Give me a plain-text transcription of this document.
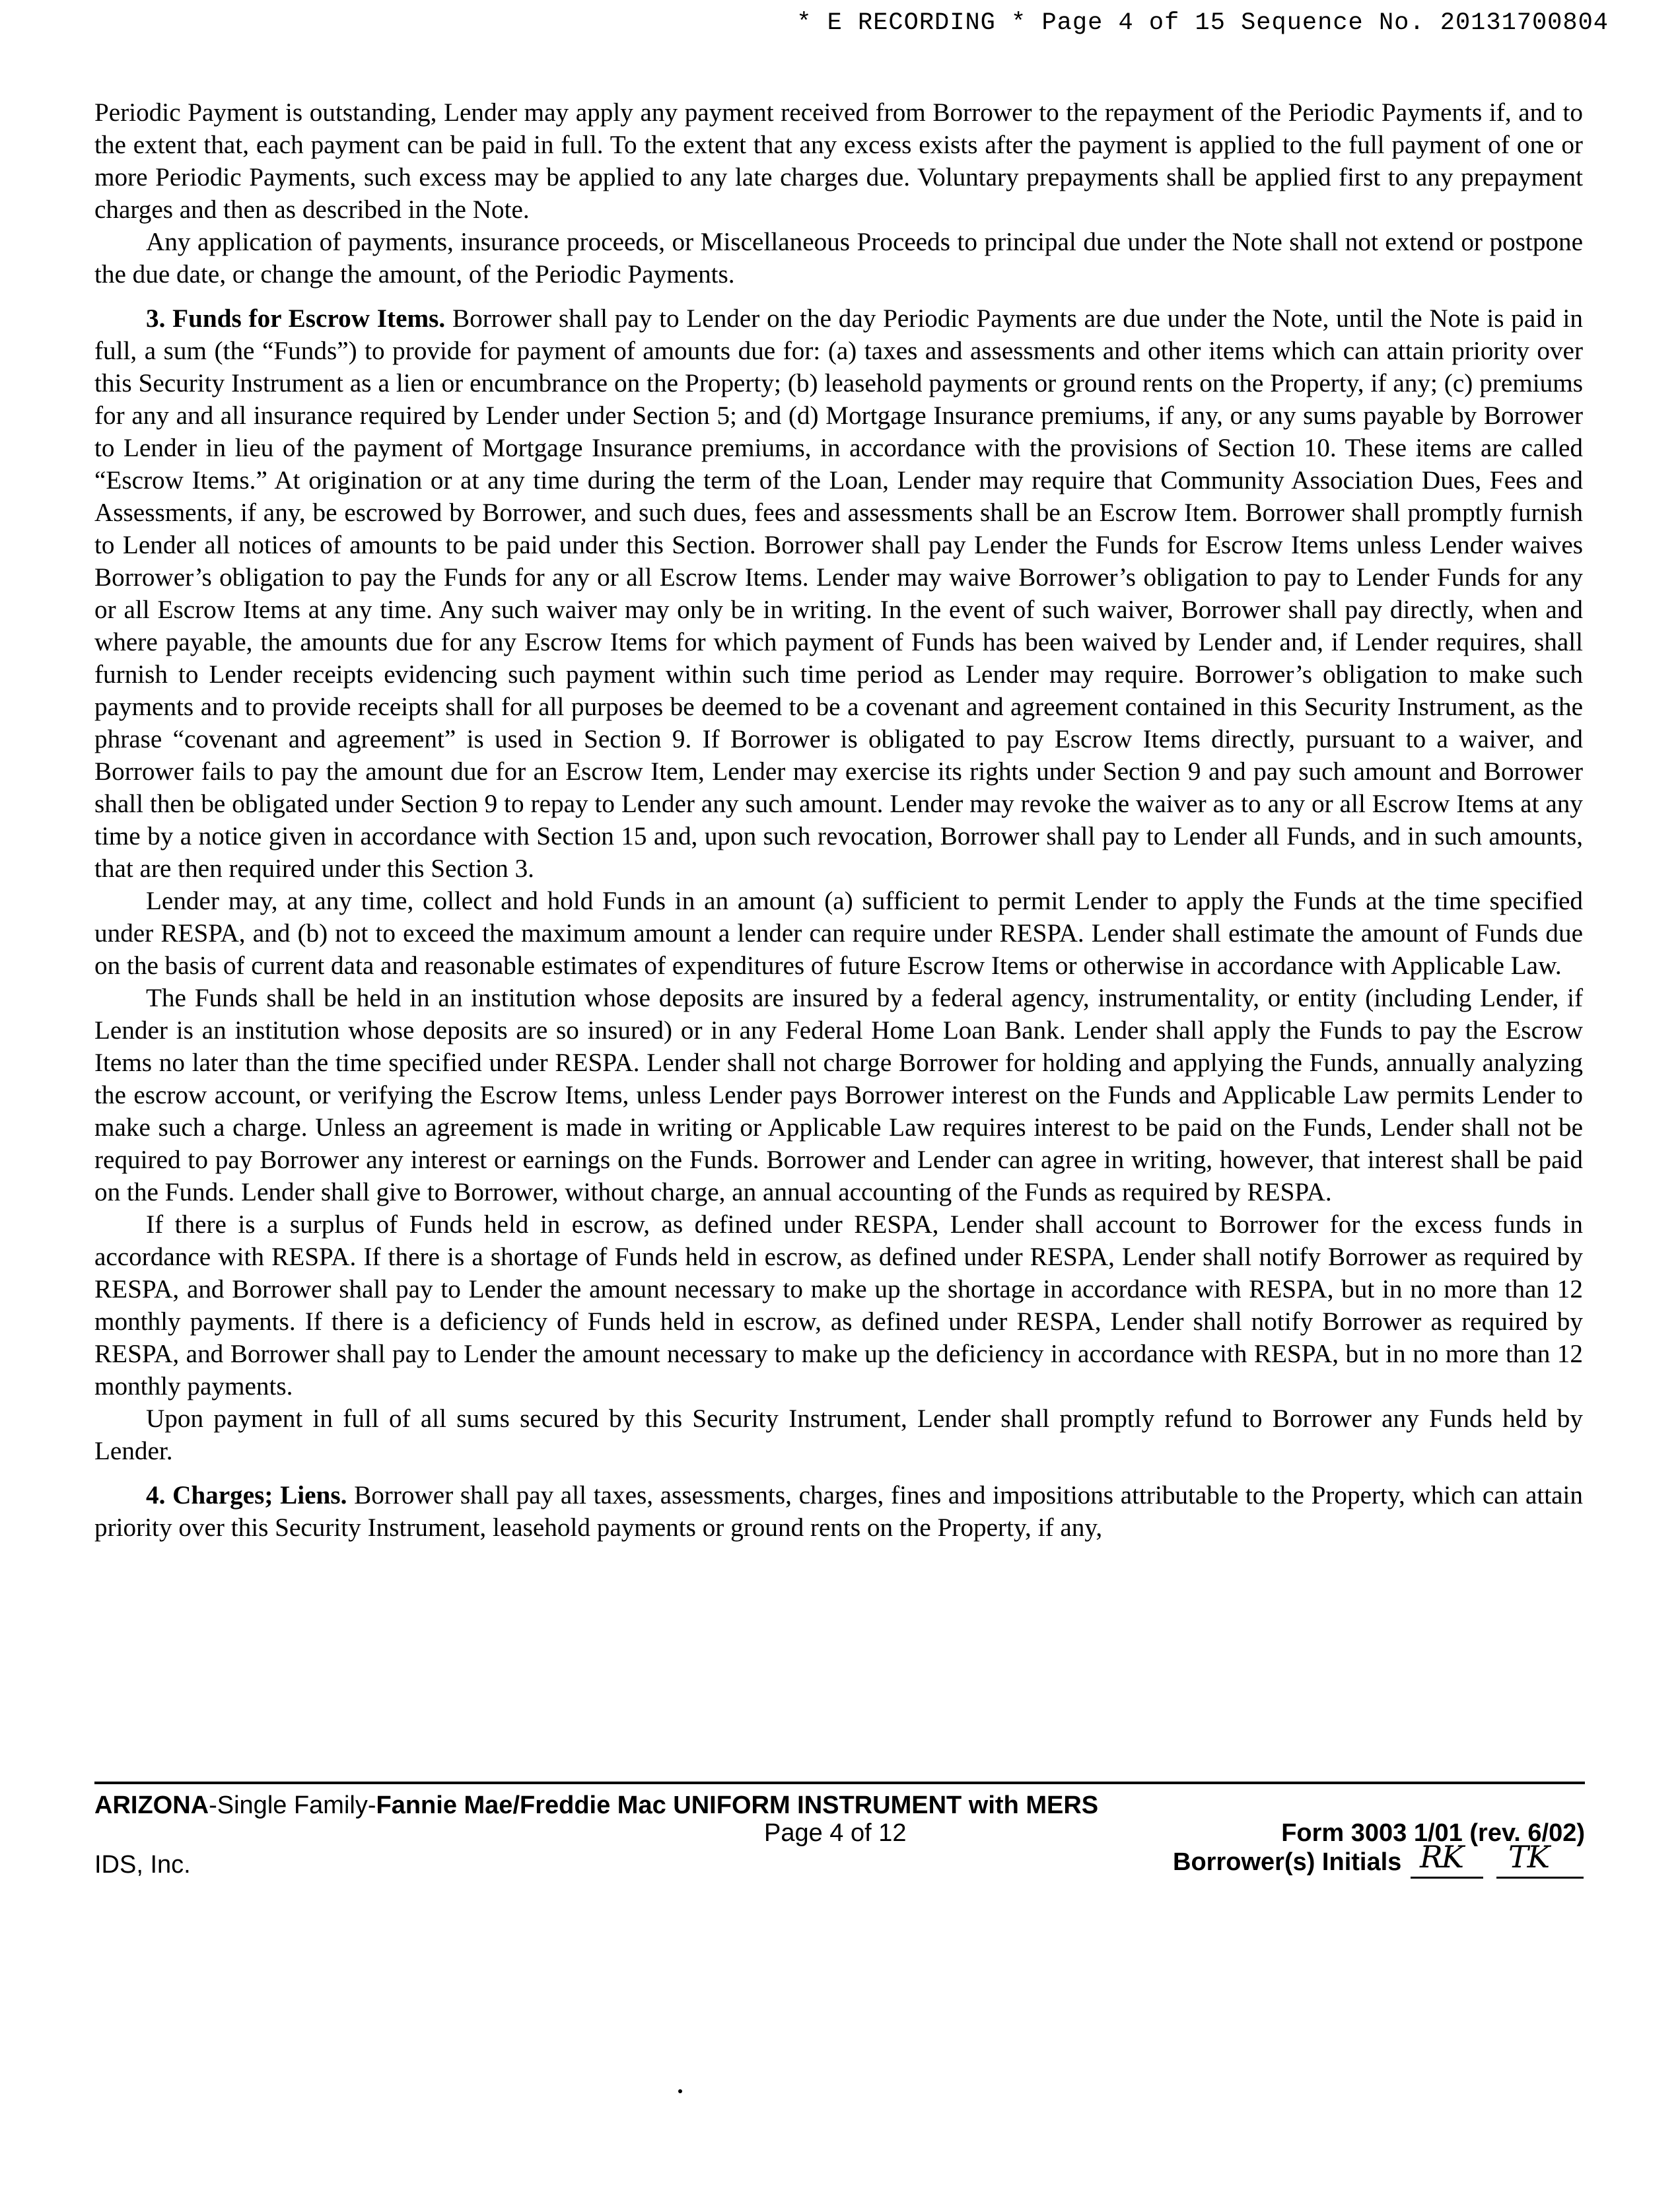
* E RECORDING * Page 4 of 15 Sequence No. 20131700804

Periodic Payment is outstanding, Lender may apply any payment received from Borrower to the repayment of the Periodic Payments if, and to the extent that, each payment can be paid in full. To the extent that any excess exists after the payment is applied to the full payment of one or more Periodic Payments, such excess may be applied to any late charges due. Voluntary prepayments shall be applied first to any prepayment charges and then as described in the Note.

Any application of payments, insurance proceeds, or Miscellaneous Proceeds to principal due under the Note shall not extend or postpone the due date, or change the amount, of the Periodic Payments.

3. Funds for Escrow Items. Borrower shall pay to Lender on the day Periodic Payments are due under the Note, until the Note is paid in full, a sum (the “Funds”) to provide for payment of amounts due for: (a) taxes and assessments and other items which can attain priority over this Security Instrument as a lien or encumbrance on the Property; (b) leasehold payments or ground rents on the Property, if any; (c) premiums for any and all insurance required by Lender under Section 5; and (d) Mortgage Insurance premiums, if any, or any sums payable by Borrower to Lender in lieu of the payment of Mortgage Insurance premiums, in accordance with the provisions of Section 10. These items are called “Escrow Items.” At origination or at any time during the term of the Loan, Lender may require that Community Association Dues, Fees and Assessments, if any, be escrowed by Borrower, and such dues, fees and assessments shall be an Escrow Item. Borrower shall promptly furnish to Lender all notices of amounts to be paid under this Section. Borrower shall pay Lender the Funds for Escrow Items unless Lender waives Borrower’s obligation to pay the Funds for any or all Escrow Items. Lender may waive Borrower’s obligation to pay to Lender Funds for any or all Escrow Items at any time. Any such waiver may only be in writing. In the event of such waiver, Borrower shall pay directly, when and where payable, the amounts due for any Escrow Items for which payment of Funds has been waived by Lender and, if Lender requires, shall furnish to Lender receipts evidencing such payment within such time period as Lender may require. Borrower’s obligation to make such payments and to provide receipts shall for all purposes be deemed to be a covenant and agreement contained in this Security Instrument, as the phrase “covenant and agreement” is used in Section 9. If Borrower is obligated to pay Escrow Items directly, pursuant to a waiver, and Borrower fails to pay the amount due for an Escrow Item, Lender may exercise its rights under Section 9 and pay such amount and Borrower shall then be obligated under Section 9 to repay to Lender any such amount. Lender may revoke the waiver as to any or all Escrow Items at any time by a notice given in accordance with Section 15 and, upon such revocation, Borrower shall pay to Lender all Funds, and in such amounts, that are then required under this Section 3.

Lender may, at any time, collect and hold Funds in an amount (a) sufficient to permit Lender to apply the Funds at the time specified under RESPA, and (b) not to exceed the maximum amount a lender can require under RESPA. Lender shall estimate the amount of Funds due on the basis of current data and reasonable estimates of expenditures of future Escrow Items or otherwise in accordance with Applicable Law.

The Funds shall be held in an institution whose deposits are insured by a federal agency, instrumentality, or entity (including Lender, if Lender is an institution whose deposits are so insured) or in any Federal Home Loan Bank. Lender shall apply the Funds to pay the Escrow Items no later than the time specified under RESPA. Lender shall not charge Borrower for holding and applying the Funds, annually analyzing the escrow account, or verifying the Escrow Items, unless Lender pays Borrower interest on the Funds and Applicable Law permits Lender to make such a charge. Unless an agreement is made in writing or Applicable Law requires interest to be paid on the Funds, Lender shall not be required to pay Borrower any interest or earnings on the Funds. Borrower and Lender can agree in writing, however, that interest shall be paid on the Funds. Lender shall give to Borrower, without charge, an annual accounting of the Funds as required by RESPA.

If there is a surplus of Funds held in escrow, as defined under RESPA, Lender shall account to Borrower for the excess funds in accordance with RESPA. If there is a shortage of Funds held in escrow, as defined under RESPA, Lender shall notify Borrower as required by RESPA, and Borrower shall pay to Lender the amount necessary to make up the shortage in accordance with RESPA, but in no more than 12 monthly payments. If there is a deficiency of Funds held in escrow, as defined under RESPA, Lender shall notify Borrower as required by RESPA, and Borrower shall pay to Lender the amount necessary to make up the deficiency in accordance with RESPA, but in no more than 12 monthly payments.

Upon payment in full of all sums secured by this Security Instrument, Lender shall promptly refund to Borrower any Funds held by Lender.

4. Charges; Liens. Borrower shall pay all taxes, assessments, charges, fines and impositions attributable to the Property, which can attain priority over this Security Instrument, leasehold payments or ground rents on the Property, if any,

ARIZONA-Single Family-Fannie Mae/Freddie Mac UNIFORM INSTRUMENT with MERS
Page 4 of 12	Form 3003 1/01 (rev. 6/02)
IDS, Inc.	Borrower(s) Initials RK TK
